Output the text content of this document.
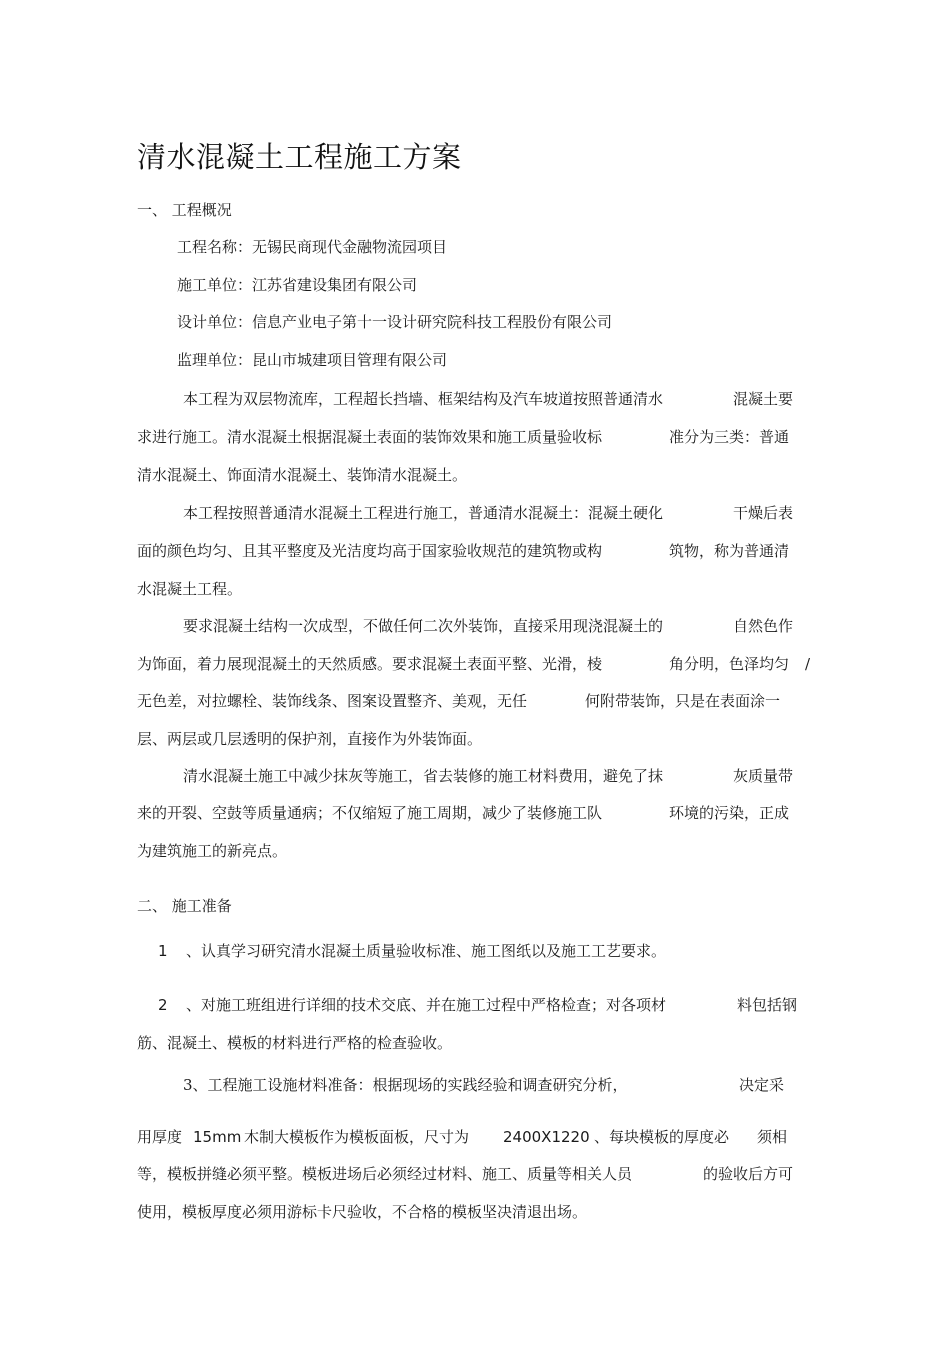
清水混凝土工程施工方案
一、 工程概况
工程名称：无锡民商现代金融物流园项目
施工单位：江苏省建设集团有限公司
设计单位：信息产业电子第十一设计研究院科技工程股份有限公司
监理单位：昆山市城建项目管理有限公司
本工程为双层物流库，工程超长挡墙、框架结构及汽车坡道按照普通清水	混凝土要
求进行施工。清水混凝土根据混凝土表面的装饰效果和施工质量验收标	准分为三类：普通
清水混凝土、饰面清水混凝土、装饰清水混凝土。
本工程按照普通清水混凝土工程进行施工，普通清水混凝土：混凝土硬化	干燥后表
面的颜色均匀、且其平整度及光洁度均高于国家验收规范的建筑物或构	筑物，称为普通清
水混凝土工程。
要求混凝土结构一次成型，不做任何二次外装饰，直接采用现浇混凝土的	自然色作
为饰面，着力展现混凝土的天然质感。要求混凝土表面平整、光滑，棱	角分明，色泽均匀 /
无色差，对拉螺栓、装饰线条、图案设置整齐、美观，无任	何附带装饰，只是在表面涂一
层、两层或几层透明的保护剂，直接作为外装饰面。
清水混凝土施工中减少抹灰等施工，省去装修的施工材料费用，避免了抹	灰质量带
来的开裂、空鼓等质量通病；不仅缩短了施工周期，减少了装修施工队	环境的污染，正成
为建筑施工的新亮点。
二、 施工准备
1 、认真学习研究清水混凝土质量验收标准、施工图纸以及施工工艺要求。
2 、对施工班组进行详细的技术交底、并在施工过程中严格检查；对各项材	料包括钢
筋、混凝土、模板的材料进行严格的检查验收。
3、工程施工设施材料准备：根据现场的实践经验和调查研究分析，	决定采
用厚度 15mm 木制大模板作为模板面板，尺寸为 2400X1220 、每块模板的厚度必 须相
等，模板拼缝必须平整。模板进场后必须经过材料、施工、质量等相关人员	的验收后方可
使用，模板厚度必须用游标卡尺验收，不合格的模板坚决清退出场。
